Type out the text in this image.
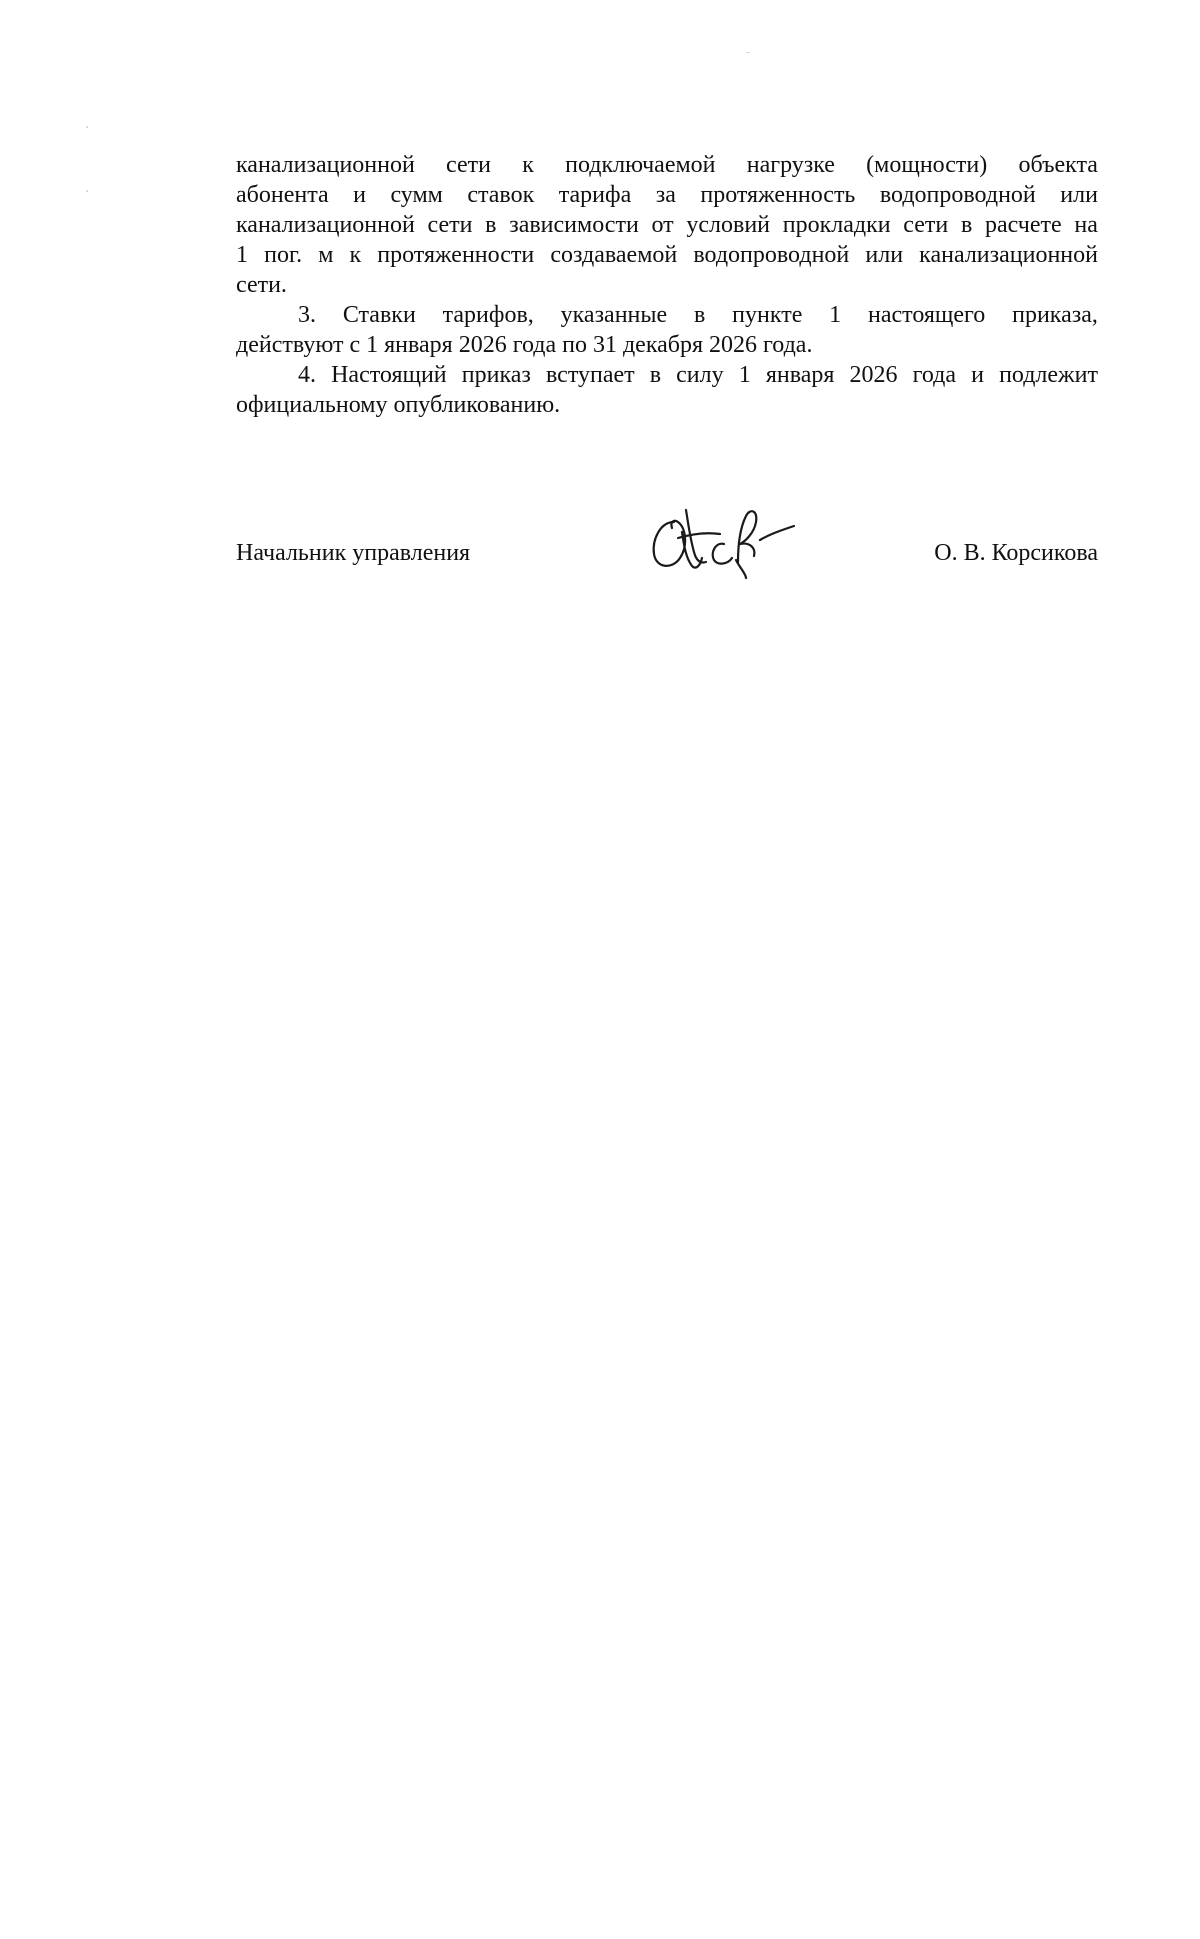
канализационной сети к подключаемой нагрузке (мощности) объекта
абонента и сумм ставок тарифа за протяженность водопроводной или
канализационной сети в зависимости от условий прокладки сети в расчете на
1 пог. м к протяженности создаваемой водопроводной или канализационной
сети.
3. Ставки тарифов, указанные в пункте 1 настоящего приказа,
действуют с 1 января 2026 года по 31 декабря 2026 года.
4. Настоящий приказ вступает в силу 1 января 2026 года и подлежит
официальному опубликованию.
Начальник управления	О. В. Корсикова
